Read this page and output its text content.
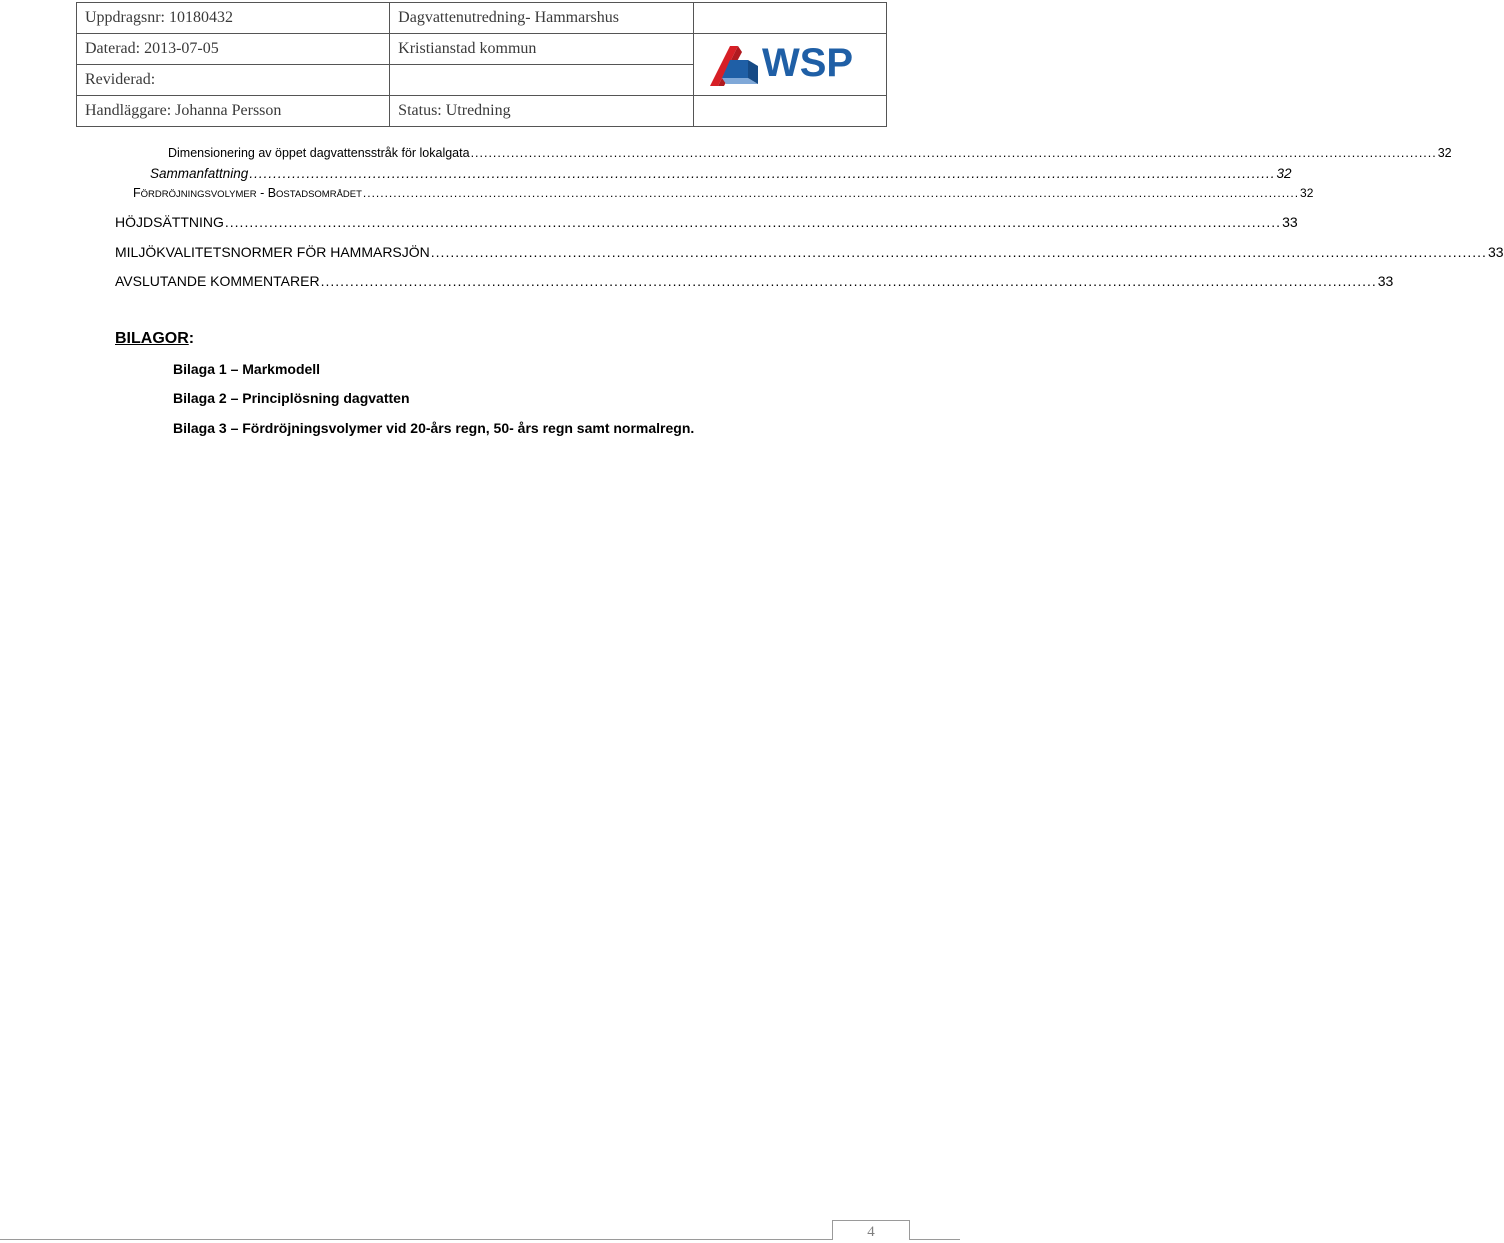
Uppdragsnr: 10180432	Dagvattenutredning- Hammarshus	
Daterad: 2013-07-05	Kristianstad kommun	WSP

Reviderad:		
Handläggare: Johanna Persson	Status: Utredning	
Dimensionering av öppet dagvattensstråk för lokalgata ........................................................................................................................................................................................................................ 32
Sammanfattning ........................................................................................................................................................................................................................ 32
FÖRDRÖJNINGSVOLYMER - BOSTADSOMRÅDET ........................................................................................................................................................................................................................ 32
HÖJDSÄTTNING ........................................................................................................................................................................................................................ 33
MILJÖKVALITETSNORMER FÖR HAMMARSJÖN ........................................................................................................................................................................................................................ 33
AVSLUTANDE KOMMENTARER ........................................................................................................................................................................................................................ 33
BILAGOR:
Bilaga 1 – Markmodell
Bilaga 2 – Principlösning dagvatten
Bilaga 3 – Fördröjningsvolymer vid 20-års regn, 50- års regn samt normalregn.
4
